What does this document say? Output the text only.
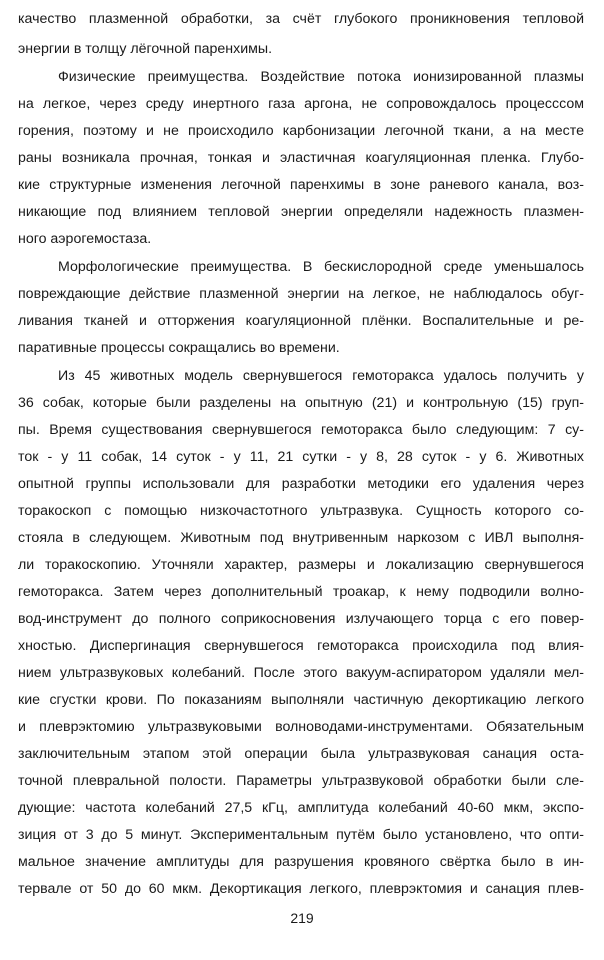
качество плазменной обработки, за счёт глубокого проникновения тепловой
энергии в толщу лёгочной паренхимы.
Физические преимущества. Воздействие потока ионизированной плазмы
на легкое, через среду инертного газа аргона, не сопровождалось процесссом
горения, поэтому и не происходило карбонизации легочной ткани, а на месте
раны возникала прочная, тонкая и эластичная коагуляционная пленка. Глубо-
кие структурные изменения легочной паренхимы в зоне раневого канала, воз-
никающие под влиянием тепловой энергии определяли надежность плазмен-
ного аэрогемостаза.
Морфологические преимущества. В бескислородной среде уменьшалось
повреждающие действие плазменной энергии на легкое, не наблюдалось обуг-
ливания тканей и отторжения коагуляционной плёнки. Воспалительные и ре-
паративные процессы сокращались во времени.
Из 45 животных модель свернувшегося гемоторакса удалось получить у
36 собак, которые были разделены на опытную (21) и контрольную (15) груп-
пы. Время существования свернувшегося гемоторакса было следующим: 7 су-
ток - у 11 собак, 14 суток - у 11, 21 сутки - у 8, 28 суток - у 6. Животных
опытной группы использовали для разработки методики его удаления через
торакоскоп с помощью низкочастотного ультразвука. Сущность которого со-
стояла в следующем. Животным под внутривенным наркозом с ИВЛ выполня-
ли торакоскопию. Уточняли характер, размеры и локализацию свернувшегося
гемоторакса. Затем через дополнительный троакар, к нему подводили волно-
вод-инструмент до полного соприкосновения излучающего торца с его повер-
хностью. Диспергинация свернувшегося гемоторакса происходила под влия-
нием ультразвуковых колебаний. После этого вакуум-аспиратором удаляли мел-
кие сгустки крови. По показаниям выполняли частичную декортикацию легкого
и плеврэктомию ультразвуковыми волноводами-инструментами. Обязательным
заключительным этапом этой операции была ультразвуковая санация оста-
точной плевральной полости. Параметры ультразвуковой обработки были сле-
дующие: частота колебаний 27,5 кГц, амплитуда колебаний 40-60 мкм, экспо-
зиция от 3 до 5 минут. Экспериментальным путём было установлено, что опти-
мальное значение амплитуды для разрушения кровяного свёртка было в ин-
тервале от 50 до 60 мкм. Декортикация легкого, плеврэктомия и санация плев-
219
